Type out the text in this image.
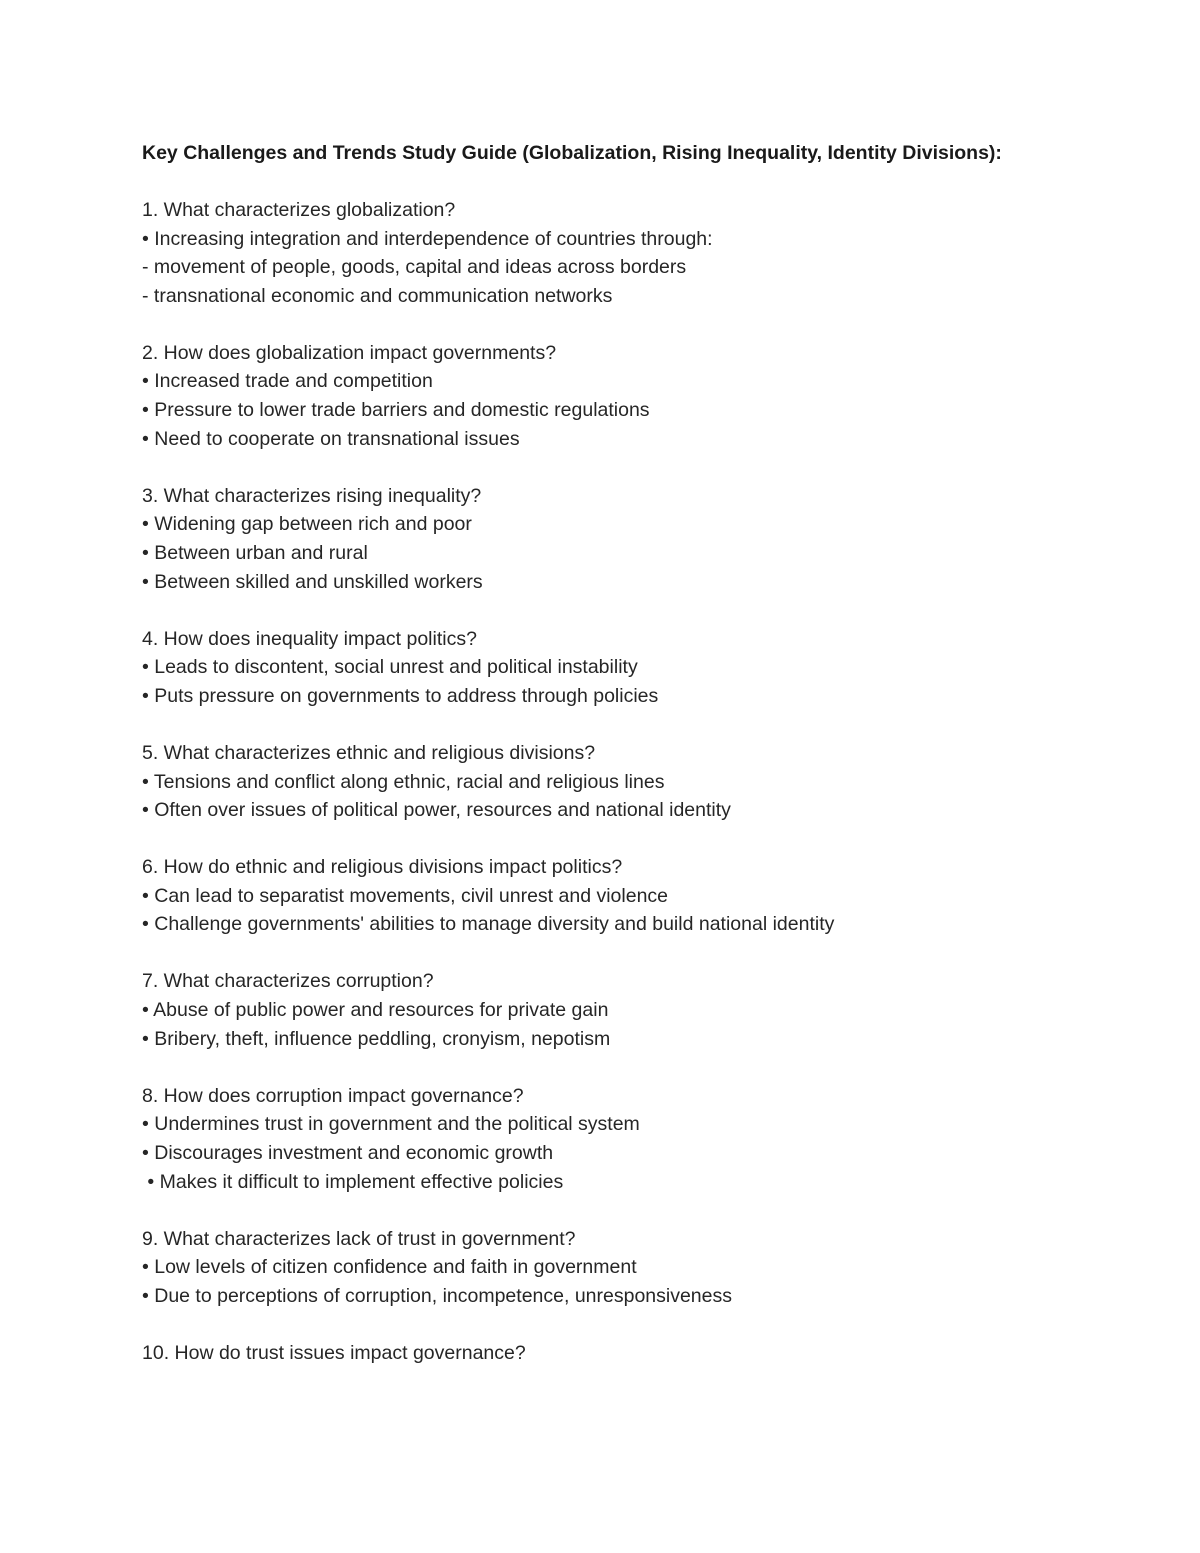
Key Challenges and Trends Study Guide (Globalization, Rising Inequality, Identity Divisions):
1. What characterizes globalization?
• Increasing integration and interdependence of countries through:
- movement of people, goods, capital and ideas across borders
- transnational economic and communication networks
2. How does globalization impact governments?
• Increased trade and competition
• Pressure to lower trade barriers and domestic regulations
• Need to cooperate on transnational issues
3. What characterizes rising inequality?
• Widening gap between rich and poor
• Between urban and rural
• Between skilled and unskilled workers
4. How does inequality impact politics?
• Leads to discontent, social unrest and political instability
• Puts pressure on governments to address through policies
5. What characterizes ethnic and religious divisions?
• Tensions and conflict along ethnic, racial and religious lines
• Often over issues of political power, resources and national identity
6. How do ethnic and religious divisions impact politics?
• Can lead to separatist movements, civil unrest and violence
• Challenge governments' abilities to manage diversity and build national identity
7. What characterizes corruption?
• Abuse of public power and resources for private gain
• Bribery, theft, influence peddling, cronyism, nepotism
8. How does corruption impact governance?
• Undermines trust in government and the political system
• Discourages investment and economic growth
• Makes it difficult to implement effective policies
9. What characterizes lack of trust in government?
• Low levels of citizen confidence and faith in government
• Due to perceptions of corruption, incompetence, unresponsiveness
10. How do trust issues impact governance?
